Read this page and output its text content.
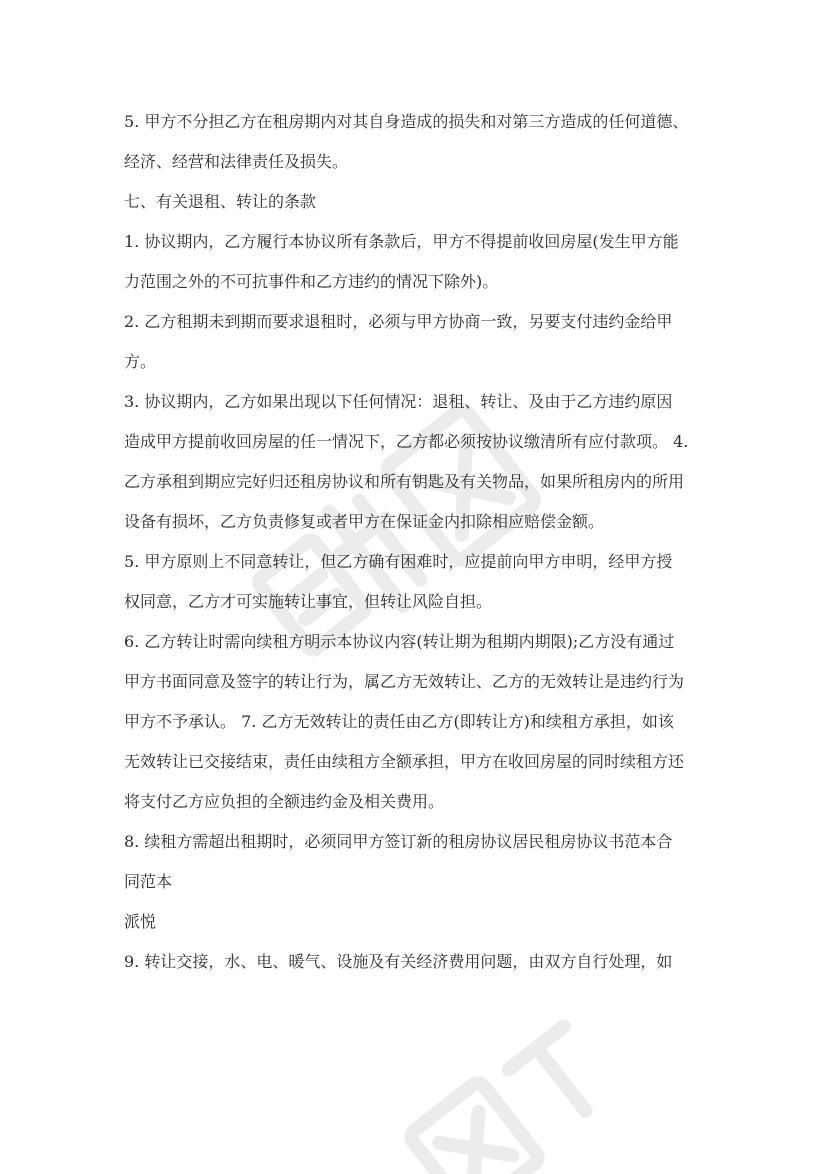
5. 甲方不分担乙方在租房期内对其自身造成的损失和对第三方造成的任何道德、
经济、经营和法律责任及损失。
七、有关退租、转让的条款
1. 协议期内，乙方履行本协议所有条款后，甲方不得提前收回房屋(发生甲方能
力范围之外的不可抗事件和乙方违约的情况下除外)。
2. 乙方租期未到期而要求退租时，必须与甲方协商一致，另要支付违约金给甲
方。
3. 协议期内，乙方如果出现以下任何情况：退租、转让、及由于乙方违约原因
造成甲方提前收回房屋的任一情况下，乙方都必须按协议缴清所有应付款项。 4.
乙方承租到期应完好归还租房协议和所有钥匙及有关物品，如果所租房内的所用
设备有损坏，乙方负责修复或者甲方在保证金内扣除相应赔偿金额。
5. 甲方原则上不同意转让，但乙方确有困难时，应提前向甲方申明，经甲方授
权同意，乙方才可实施转让事宜，但转让风险自担。
6. 乙方转让时需向续租方明示本协议内容(转让期为租期内期限);乙方没有通过
甲方书面同意及签字的转让行为，属乙方无效转让、乙方的无效转让是违约行为
甲方不予承认。 7. 乙方无效转让的责任由乙方(即转让方)和续租方承担，如该
无效转让已交接结束，责任由续租方全额承担，甲方在收回房屋的同时续租方还
将支付乙方应负担的全额违约金及相关费用。
8. 续租方需超出租期时，必须同甲方签订新的租房协议居民租房协议书范本合
同范本
派悦
9. 转让交接，水、电、暖气、设施及有关经济费用问题，由双方自行处理，如
